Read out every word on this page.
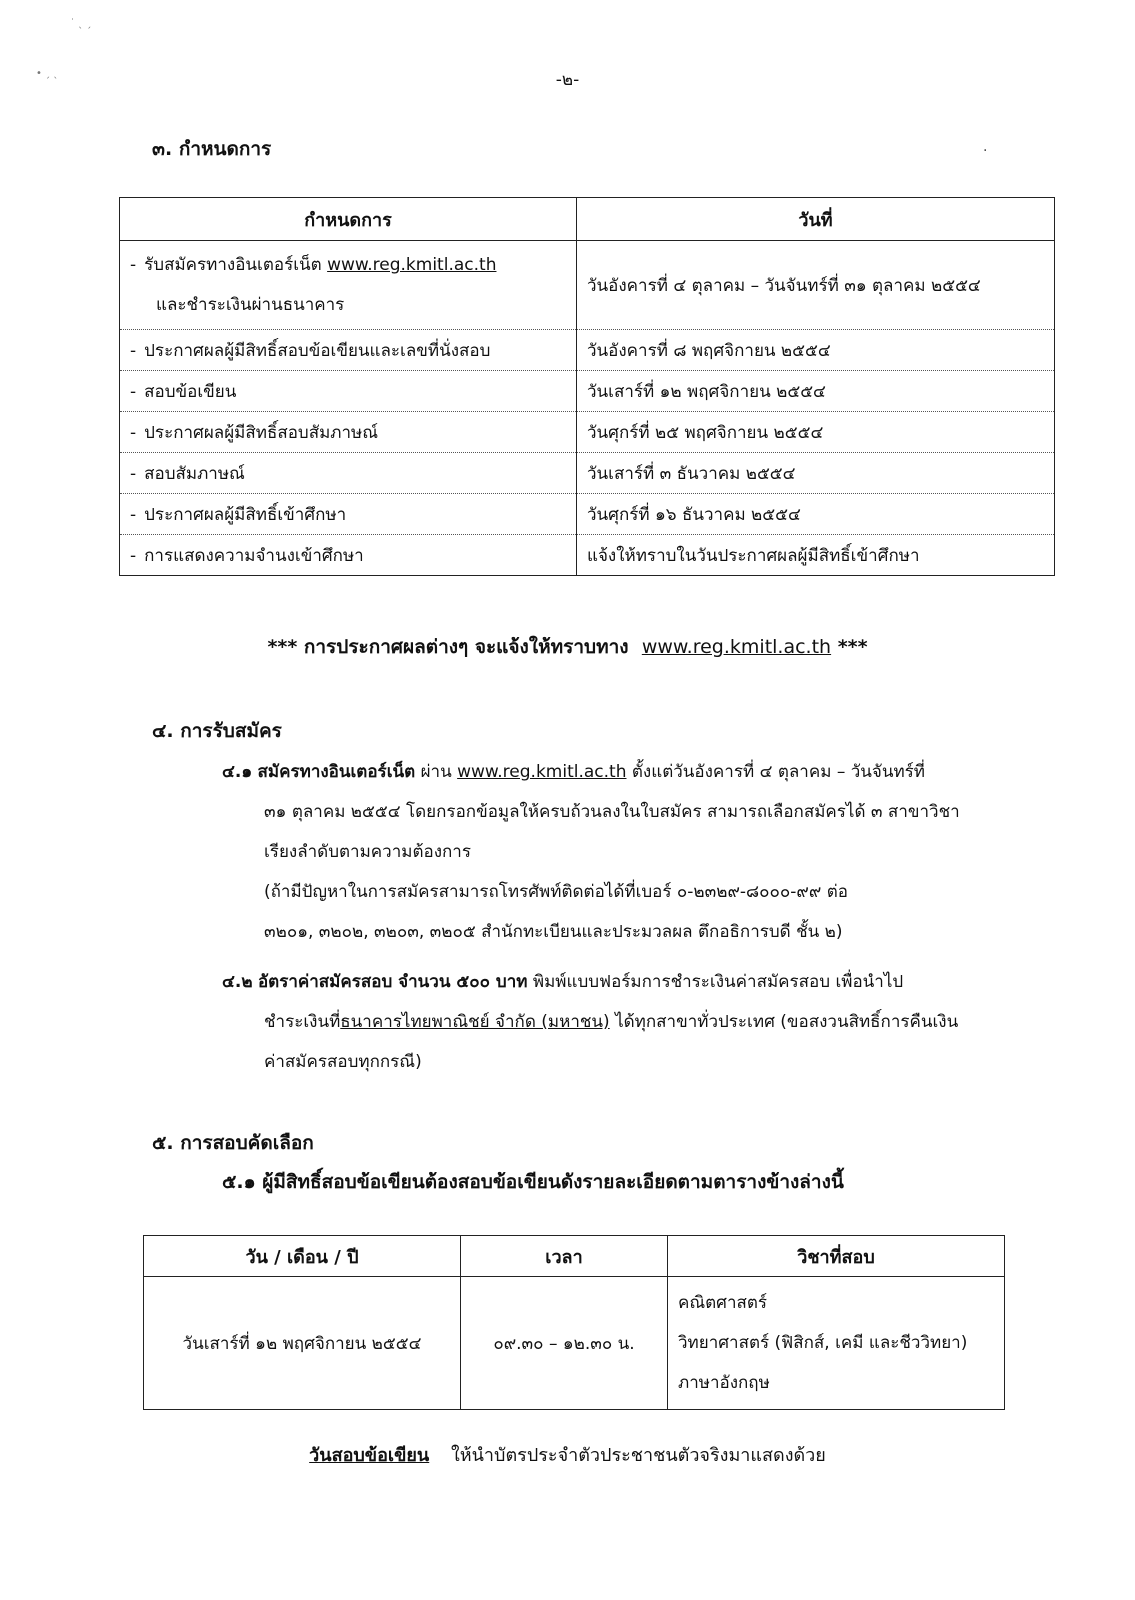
˙ ˎ ˏ
• ˏ ˎ
·
-๒-
๓. กำหนดการ
กำหนดการ	วันที่
- รับสมัครทางอินเตอร์เน็ต www.reg.kmitl.ac.th
และชำระเงินผ่านธนาคาร	วันอังคารที่ ๔ ตุลาคม – วันจันทร์ที่ ๓๑ ตุลาคม ๒๕๕๔
- ประกาศผลผู้มีสิทธิ์สอบข้อเขียนและเลขที่นั่งสอบ	วันอังคารที่ ๘ พฤศจิกายน ๒๕๕๔
- สอบข้อเขียน	วันเสาร์ที่ ๑๒ พฤศจิกายน ๒๕๕๔
- ประกาศผลผู้มีสิทธิ์สอบสัมภาษณ์	วันศุกร์ที่ ๒๕ พฤศจิกายน ๒๕๕๔
- สอบสัมภาษณ์	วันเสาร์ที่ ๓ ธันวาคม ๒๕๕๔
- ประกาศผลผู้มีสิทธิ์เข้าศึกษา	วันศุกร์ที่ ๑๖ ธันวาคม ๒๕๕๔
- การแสดงความจำนงเข้าศึกษา	แจ้งให้ทราบในวันประกาศผลผู้มีสิทธิ์เข้าศึกษา
*** การประกาศผลต่างๆ จะแจ้งให้ทราบทาง www.reg.kmitl.ac.th ***
๔. การรับสมัคร
๔.๑ สมัครทางอินเตอร์เน็ต ผ่าน www.reg.kmitl.ac.th ตั้งแต่วันอังคารที่ ๔ ตุลาคม – วันจันทร์ที่
๓๑ ตุลาคม ๒๕๕๔ โดยกรอกข้อมูลให้ครบถ้วนลงในใบสมัคร สามารถเลือกสมัครได้ ๓ สาขาวิชา
เรียงลำดับตามความต้องการ
(ถ้ามีปัญหาในการสมัครสามารถโทรศัพท์ติดต่อได้ที่เบอร์ ๐-๒๓๒๙-๘๐๐๐-๙๙ ต่อ
๓๒๐๑, ๓๒๐๒, ๓๒๐๓, ๓๒๐๕ สำนักทะเบียนและประมวลผล ตึกอธิการบดี ชั้น ๒)
๔.๒ อัตราค่าสมัครสอบ จำนวน ๕๐๐ บาท พิมพ์แบบฟอร์มการชำระเงินค่าสมัครสอบ เพื่อนำไป
ชำระเงินที่ธนาคารไทยพาณิชย์ จำกัด (มหาชน) ได้ทุกสาขาทั่วประเทศ (ขอสงวนสิทธิ์การคืนเงิน
ค่าสมัครสอบทุกกรณี)
๕. การสอบคัดเลือก
๕.๑ ผู้มีสิทธิ์สอบข้อเขียนต้องสอบข้อเขียนดังรายละเอียดตามตารางข้างล่างนี้
วัน / เดือน / ปี	เวลา	วิชาที่สอบ
วันเสาร์ที่ ๑๒ พฤศจิกายน ๒๕๕๔	๐๙.๓๐ – ๑๒.๓๐ น.	คณิตศาสตร์
วิทยาศาสตร์ (ฟิสิกส์, เคมี และชีววิทยา)
ภาษาอังกฤษ
วันสอบข้อเขียน ให้นำบัตรประจำตัวประชาชนตัวจริงมาแสดงด้วย
